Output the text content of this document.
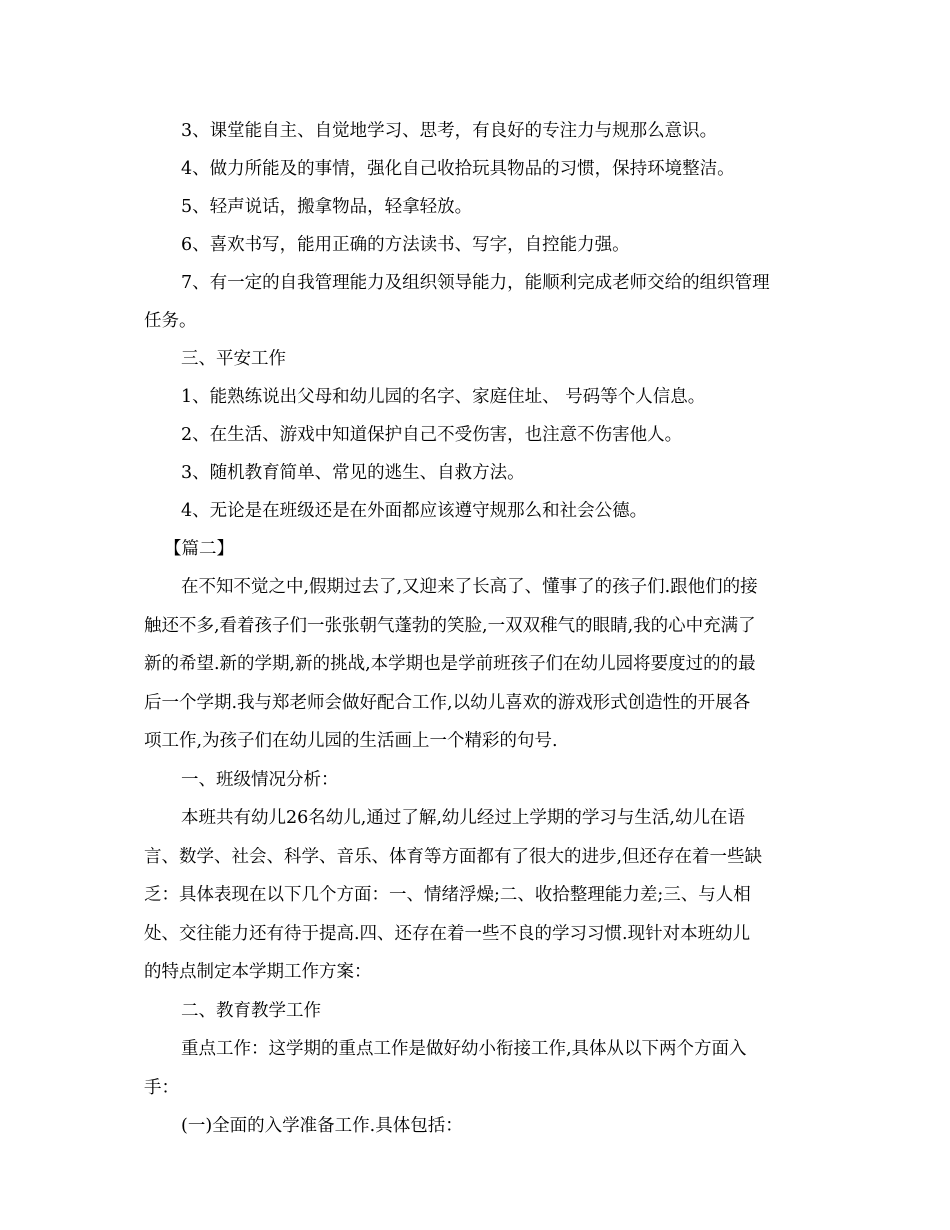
3、课堂能自主、自觉地学习、思考，有良好的专注力与规那么意识。

4、做力所能及的事情，强化自己收拾玩具物品的习惯，保持环境整洁。

5、轻声说话，搬拿物品，轻拿轻放。

6、喜欢书写，能用正确的方法读书、写字，自控能力强。

7、有一定的自我管理能力及组织领导能力，能顺利完成老师交给的组织管理

任务。

三、平安工作

1、能熟练说出父母和幼儿园的名字、家庭住址、 号码等个人信息。

2、在生活、游戏中知道保护自己不受伤害，也注意不伤害他人。

3、随机教育简单、常见的逃生、自救方法。

4、无论是在班级还是在外面都应该遵守规那么和社会公德。

【篇二】

在不知不觉之中,假期过去了,又迎来了长高了、懂事了的孩子们.跟他们的接

触还不多,看着孩子们一张张朝气蓬勃的笑脸,一双双稚气的眼睛,我的心中充满了

新的希望.新的学期,新的挑战,本学期也是学前班孩子们在幼儿园将要度过的的最

后一个学期.我与郑老师会做好配合工作,以幼儿喜欢的游戏形式创造性的开展各

项工作,为孩子们在幼儿园的生活画上一个精彩的句号.

一、班级情况分析：

本班共有幼儿26名幼儿,通过了解,幼儿经过上学期的学习与生活,幼儿在语

言、数学、社会、科学、音乐、体育等方面都有了很大的进步,但还存在着一些缺

乏：具体表现在以下几个方面：一、情绪浮燥;二、收拾整理能力差;三、与人相

处、交往能力还有待于提高.四、还存在着一些不良的学习习惯.现针对本班幼儿

的特点制定本学期工作方案：

二、教育教学工作

重点工作：这学期的重点工作是做好幼小衔接工作,具体从以下两个方面入

手：

(一)全面的入学准备工作.具体包括：
